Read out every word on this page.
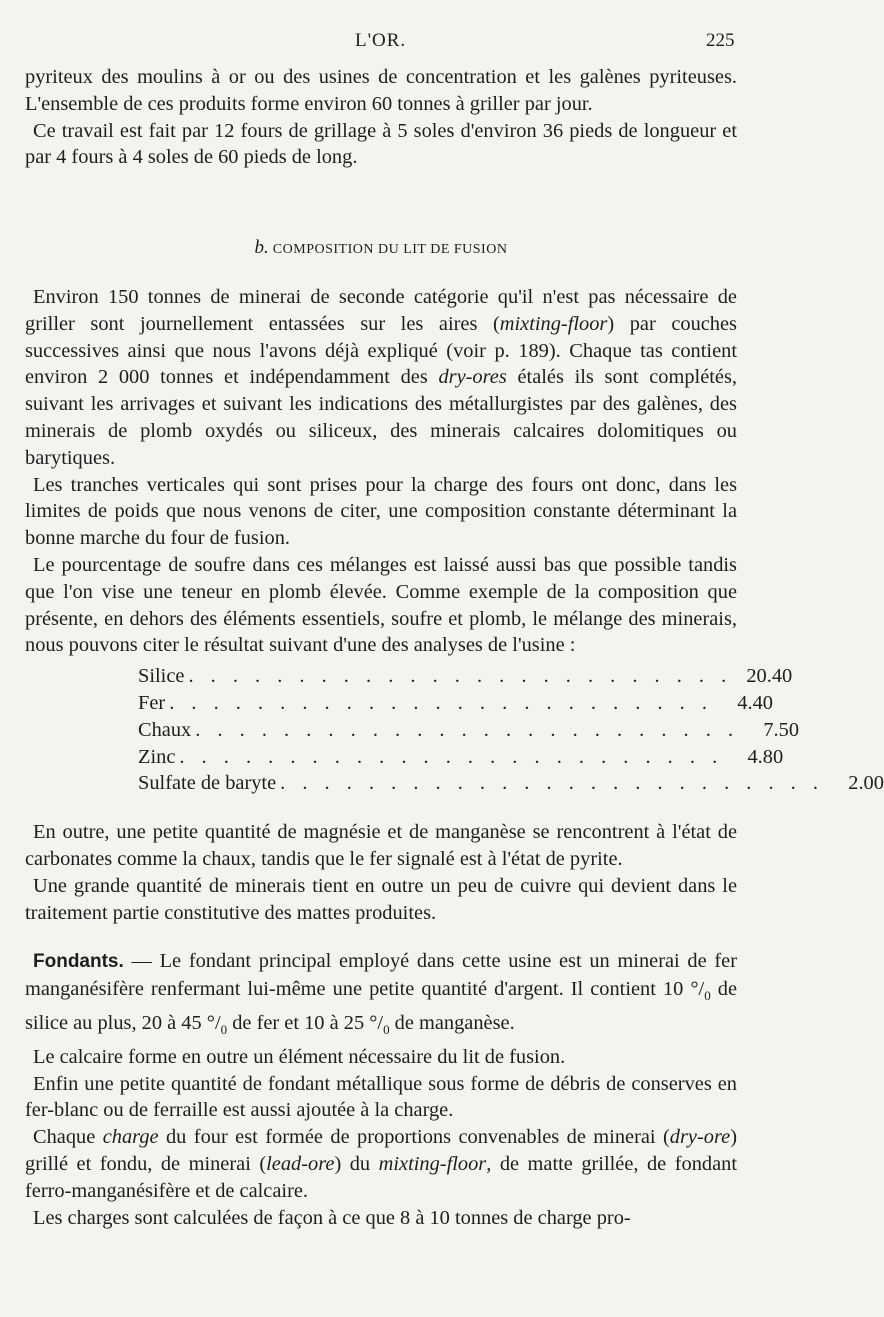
L'OR.	225

pyriteux des moulins à or ou des usines de concentration et les galènes pyriteuses. L'ensemble de ces produits forme environ 60 tonnes à griller par jour.

Ce travail est fait par 12 fours de grillage à 5 soles d'environ 36 pieds de longueur et par 4 fours à 4 soles de 60 pieds de long.

b. COMPOSITION DU LIT DE FUSION

Environ 150 tonnes de minerai de seconde catégorie qu'il n'est pas nécessaire de griller sont journellement entassées sur les aires (mixting-floor) par couches successives ainsi que nous l'avons déjà expliqué (voir p. 189). Chaque tas contient environ 2 000 tonnes et indépendamment des dry-ores étalés ils sont complétés, suivant les arrivages et suivant les indications des métallurgistes par des galènes, des minerais de plomb oxydés ou siliceux, des minerais calcaires dolomitiques ou barytiques.

Les tranches verticales qui sont prises pour la charge des fours ont donc, dans les limites de poids que nous venons de citer, une composition constante déterminant la bonne marche du four de fusion.

Le pourcentage de soufre dans ces mélanges est laissé aussi bas que possible tandis que l'on vise une teneur en plomb élevée. Comme exemple de la composition que présente, en dehors des éléments essentiels, soufre et plomb, le mélange des minerais, nous pouvons citer le résultat suivant d'une des analyses de l'usine :

Silice . . . . . . . . . . . . . . . . . . . . . . . . . 20.40
Fer . . . . . . . . . . . . . . . . . . . . . . . . .	4.40
Chaux . . . . . . . . . . . . . . . . . . . . . . . . .	7.50
Zinc . . . . . . . . . . . . . . . . . . . . . . . . .	4.80
Sulfate de baryte . . . . . . . . . . . . . . . . . . . . . . . . .	2.00

En outre, une petite quantité de magnésie et de manganèse se rencontrent à l'état de carbonates comme la chaux, tandis que le fer signalé est à l'état de pyrite.

Une grande quantité de minerais tient en outre un peu de cuivre qui devient dans le traitement partie constitutive des mattes produites.

Fondants. — Le fondant principal employé dans cette usine est un minerai de fer manganésifère renfermant lui-même une petite quantité d'argent. Il contient 10 $^\circ/_0$ de silice au plus, 20 à 45 $^\circ/_0$ de fer et 10 à 25 $^\circ/_0$ de manganèse.

Le calcaire forme en outre un élément nécessaire du lit de fusion.

Enfin une petite quantité de fondant métallique sous forme de débris de conserves en fer-blanc ou de ferraille est aussi ajoutée à la charge.

Chaque charge du four est formée de proportions convenables de minerai (dry-ore) grillé et fondu, de minerai (lead-ore) du mixting-floor, de matte grillée, de fondant ferro-manganésifère et de calcaire.

Les charges sont calculées de façon à ce que 8 à 10 tonnes de charge pro-
